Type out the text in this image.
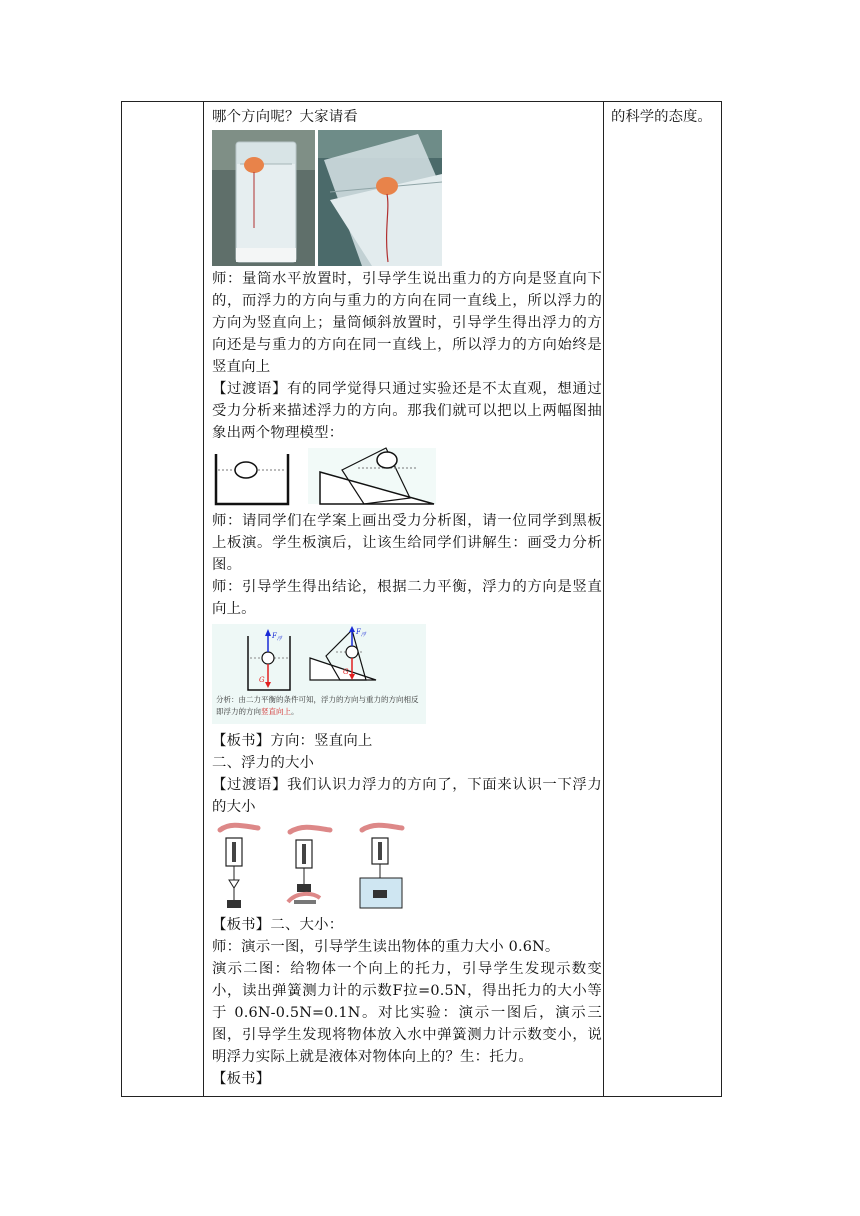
哪个方向呢？大家请看

师：量筒水平放置时，引导学生说出重力的方向是竖直向下的，而浮力的方向与重力的方向在同一直线上，所以浮力的方向为竖直向上；量筒倾斜放置时，引导学生得出浮力的方向还是与重力的方向在同一直线上，所以浮力的方向始终是竖直向上

【过渡语】有的同学觉得只通过实验还是不太直观，想通过受力分析来描述浮力的方向。那我们就可以把以上两幅图抽象出两个物理模型：

师：请同学们在学案上画出受力分析图，请一位同学到黑板上板演。学生板演后，让该生给同学们讲解生：画受力分析图。

师：引导学生得出结论，根据二力平衡，浮力的方向是竖直向上。

$F_浮$
G
$F_浮$
G
分析：由二力平衡的条件可知，浮力的方向与重力的方向相反
即浮力的方向竖直向上。

【板书】方向：竖直向上

二、浮力的大小

【过渡语】我们认识力浮力的方向了，下面来认识一下浮力的大小

【板书】二、大小：

师：演示一图，引导学生读出物体的重力大小 0.6N。

演示二图：给物体一个向上的托力，引导学生发现示数变小，读出弹簧测力计的示数F拉=0.5N，得出托力的大小等于 0.6N-0.5N=0.1N。对比实验：演示一图后，演示三图，引导学生发现将物体放入水中弹簧测力计示数变小，说明浮力实际上就是液体对物体向上的？生：托力。

【板书】

的科学的态度。
